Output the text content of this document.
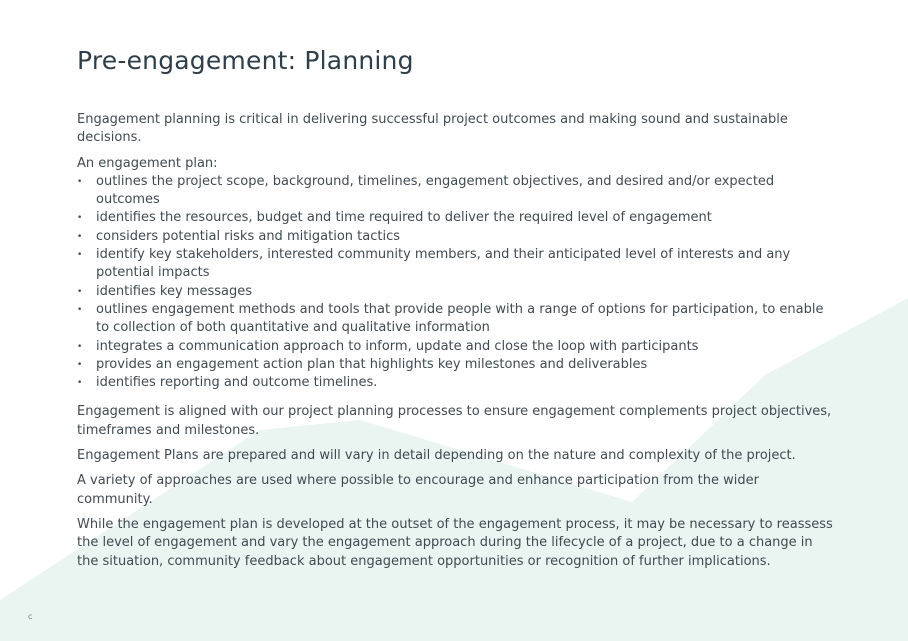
Pre-engagement: Planning

Engagement planning is critical in delivering successful project outcomes and making sound and sustainable decisions.

An engagement plan:

• outlines the project scope, background, timelines, engagement objectives, and desired and/or expected outcomes
• identifies the resources, budget and time required to deliver the required level of engagement
• considers potential risks and mitigation tactics
• identify key stakeholders, interested community members, and their anticipated level of interests and any potential impacts
• identifies key messages
• outlines engagement methods and tools that provide people with a range of options for participation, to enable to collection of both quantitative and qualitative information
• integrates a communication approach to inform, update and close the loop with participants
• provides an engagement action plan that highlights key milestones and deliverables
• identifies reporting and outcome timelines.

Engagement is aligned with our project planning processes to ensure engagement complements project objectives, timeframes and milestones.

Engagement Plans are prepared and will vary in detail depending on the nature and complexity of the project.

A variety of approaches are used where possible to encourage and enhance participation from the wider community.

While the engagement plan is developed at the outset of the engagement process, it may be necessary to reassess the level of engagement and vary the engagement approach during the lifecycle of a project, due to a change in the situation, community feedback about engagement opportunities or recognition of further implications.

c
